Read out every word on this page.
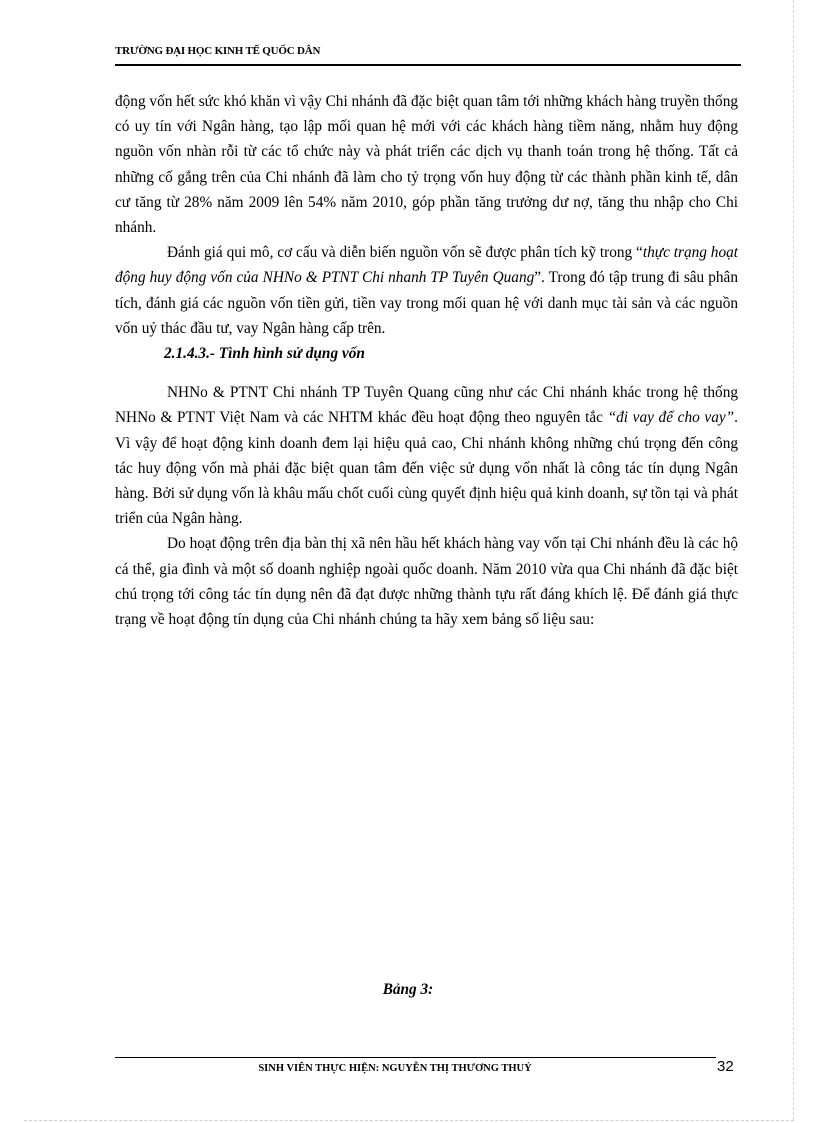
TRƯỜNG ĐẠI HỌC KINH TẾ QUỐC DÂN

động vốn hết sức khó khăn vì vậy Chi nhánh đã đặc biệt quan tâm tới những khách hàng truyền thống có uy tín với Ngân hàng, tạo lập mối quan hệ mới với các khách hàng tiềm năng, nhằm huy động nguồn vốn nhàn rỗi từ các tổ chức này và phát triển các dịch vụ thanh toán trong hệ thống. Tất cả những cố gắng trên của Chi nhánh đã làm cho tỷ trọng vốn huy động từ các thành phần kinh tế, dân cư tăng từ 28% năm 2009 lên 54% năm 2010, góp phần tăng trưởng dư nợ, tăng thu nhập cho Chi nhánh.

Đánh giá qui mô, cơ cấu và diễn biến nguồn vốn sẽ được phân tích kỹ trong “thực trạng hoạt động huy động vốn của NHNo & PTNT Chi nhanh TP Tuyên Quang”. Trong đó tập trung đi sâu phân tích, đánh giá các nguồn vốn tiền gửi, tiền vay trong mối quan hệ với danh mục tài sản và các nguồn vốn uỷ thác đầu tư, vay Ngân hàng cấp trên.

2.1.4.3.- Tình hình sử dụng vốn

NHNo & PTNT Chi nhánh TP Tuyên Quang cũng như các Chi nhánh khác trong hệ thống NHNo & PTNT Việt Nam và các NHTM khác đều hoạt động theo nguyên tắc “đi vay để cho vay”. Vì vậy để hoạt động kinh doanh đem lại hiệu quả cao, Chi nhánh không những chú trọng đến công tác huy động vốn mà phải đặc biệt quan tâm đến việc sử dụng vốn nhất là công tác tín dụng Ngân hàng. Bởi sử dụng vốn là khâu mấu chốt cuối cùng quyết định hiệu quả kinh doanh, sự tồn tại và phát triển của Ngân hàng.

Do hoạt động trên địa bàn thị xã nên hầu hết khách hàng vay vốn tại Chi nhánh đều là các hộ cá thể, gia đình và một số doanh nghiệp ngoài quốc doanh. Năm 2010 vừa qua Chi nhánh đã đặc biệt chú trọng tới công tác tín dụng nên đã đạt được những thành tựu rất đáng khích lệ. Để đánh giá thực trạng về hoạt động tín dụng của Chi nhánh chúng ta hãy xem bảng số liệu sau:

Bảng 3:
SINH VIÊN THỰC HIỆN: NGUYỄN THỊ THƯƠNG THUỶ	32
